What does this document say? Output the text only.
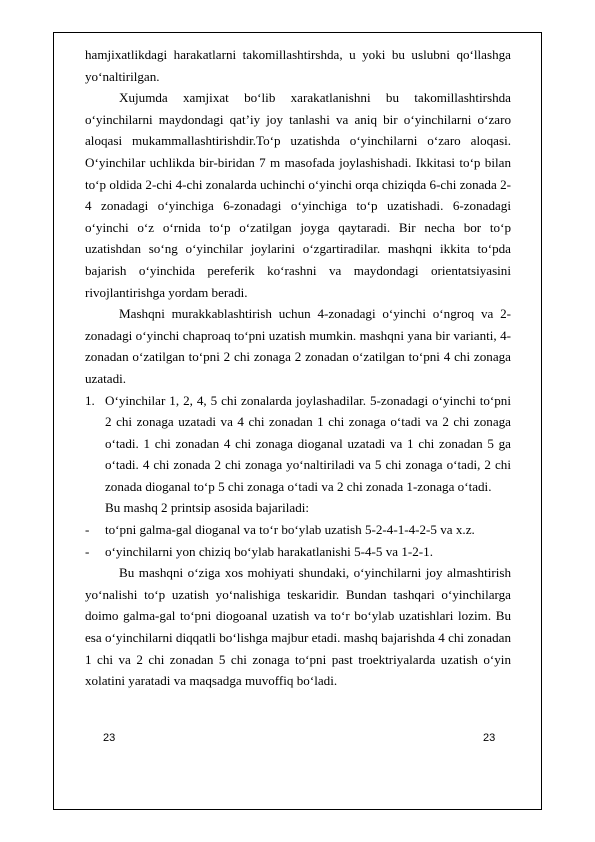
hamjixatlikdagi harakatlarni takomillashtirshda, u yoki bu uslubni qo‘llashga yo‘naltirilgan.

Xujumda xamjixat bo‘lib xarakatlanishni bu takomillashtirshda o‘yinchilarni maydondagi qat’iy joy tanlashi va aniq bir o‘yinchilarni o‘zaro aloqasi mukammallashtirishdir.To‘p uzatishda o‘yinchilarni o‘zaro aloqasi. O‘yinchilar uchlikda bir-biridan 7 m masofada joylashishadi. Ikkitasi to‘p bilan to‘p oldida 2-chi 4-chi zonalarda uchinchi o‘yinchi orqa chiziqda 6-chi zonada 2-4 zonadagi o‘yinchiga 6-zonadagi o‘yinchiga to‘p uzatishadi. 6-zonadagi o‘yinchi o‘z o‘rnida to‘p o‘zatilgan joyga qaytaradi. Bir necha bor to‘p uzatishdan so‘ng o‘yinchilar joylarini o‘zgartiradilar. mashqni ikkita to‘pda bajarish o‘yinchida pereferik ko‘rashni va maydondagi orientatsiyasini rivojlantirishga yordam beradi.

Mashqni murakkablashtirish uchun 4-zonadagi o‘yinchi o‘ngroq va 2-zonadagi o‘yinchi chaproaq to‘pni uzatish mumkin. mashqni yana bir varianti, 4-zonadan o‘zatilgan to‘pni 2 chi zonaga 2 zonadan o‘zatilgan to‘pni 4 chi zonaga uzatadi.

1. O‘yinchilar 1, 2, 4, 5 chi zonalarda joylashadilar. 5-zonadagi o‘yinchi to‘pni 2 chi zonaga uzatadi va 4 chi zonadan 1 chi zonaga o‘tadi va 2 chi zonaga o‘tadi. 1 chi zonadan 4 chi zonaga dioganal uzatadi va 1 chi zonadan 5 ga o‘tadi. 4 chi zonada 2 chi zonaga yo‘naltiriladi va 5 chi zonaga o‘tadi, 2 chi zonada dioganal to‘p 5 chi zonaga o‘tadi va 2 chi zonada 1-zonaga o‘tadi.

Bu mashq 2 printsip asosida bajariladi:

-	to‘pni galma-gal dioganal va to‘r bo‘ylab uzatish 5-2-4-1-4-2-5 va x.z.
-	o‘yinchilarni yon chiziq bo‘ylab harakatlanishi 5-4-5 va 1-2-1.

Bu mashqni o‘ziga xos mohiyati shundaki, o‘yinchilarni joy almashtirish yo‘nalishi to‘p uzatish yo‘nalishiga teskaridir. Bundan tashqari o‘yinchilarga doimo galma-gal to‘pni diogoanal uzatish va to‘r bo‘ylab uzatishlari lozim. Bu esa o‘yinchilarni diqqatli bo‘lishga majbur etadi. mashq bajarishda 4 chi zonadan 1 chi va 2 chi zonadan 5 chi zonaga to‘pni past troektriyalarda uzatish o‘yin xolatini yaratadi va maqsadga muvoffiq bo‘ladi.

23	23
